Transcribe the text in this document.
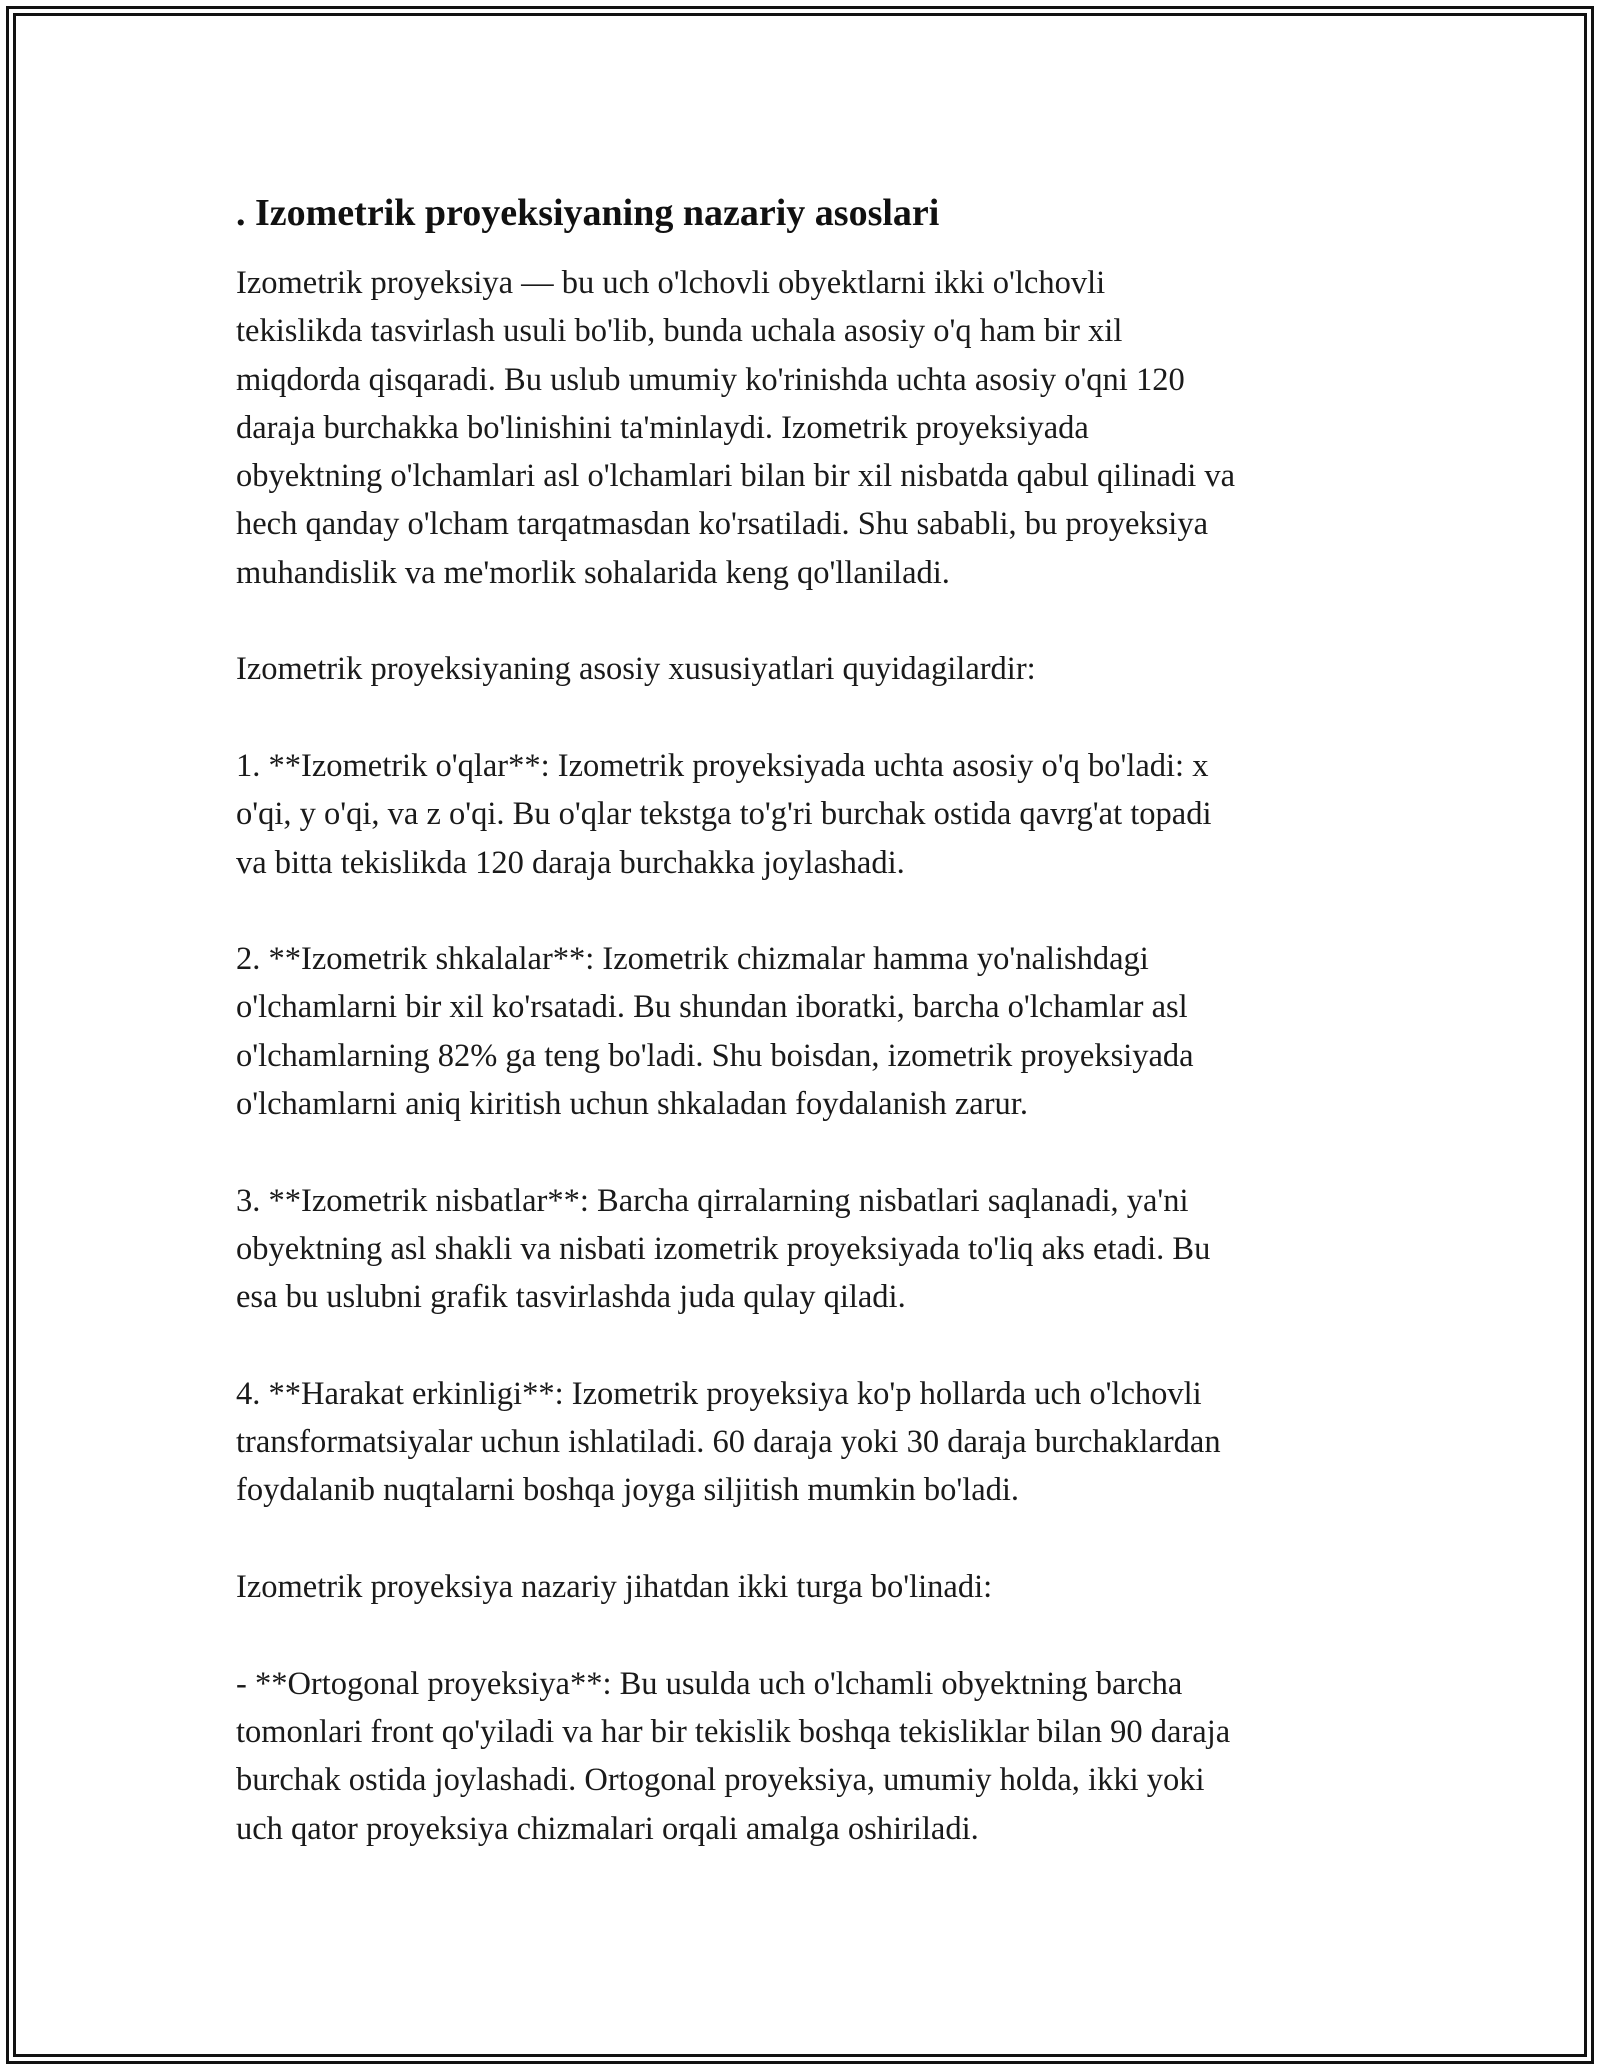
. Izometrik proyeksiyaning nazariy asoslari

Izometrik proyeksiya — bu uch o'lchovli obyektlarni ikki o'lchovli
tekislikda tasvirlash usuli bo'lib, bunda uchala asosiy o'q ham bir xil
miqdorda qisqaradi. Bu uslub umumiy ko'rinishda uchta asosiy o'qni 120
daraja burchakka bo'linishini ta'minlaydi. Izometrik proyeksiyada
obyektning o'lchamlari asl o'lchamlari bilan bir xil nisbatda qabul qilinadi va
hech qanday o'lcham tarqatmasdan ko'rsatiladi. Shu sababli, bu proyeksiya
muhandislik va me'morlik sohalarida keng qo'llaniladi.

Izometrik proyeksiyaning asosiy xususiyatlari quyidagilardir:

1. **Izometrik o'qlar**: Izometrik proyeksiyada uchta asosiy o'q bo'ladi: x
o'qi, y o'qi, va z o'qi. Bu o'qlar tekstga to'g'ri burchak ostida qavrg'at topadi
va bitta tekislikda 120 daraja burchakka joylashadi.

2. **Izometrik shkalalar**: Izometrik chizmalar hamma yo'nalishdagi
o'lchamlarni bir xil ko'rsatadi. Bu shundan iboratki, barcha o'lchamlar asl
o'lchamlarning 82% ga teng bo'ladi. Shu boisdan, izometrik proyeksiyada
o'lchamlarni aniq kiritish uchun shkaladan foydalanish zarur.

3. **Izometrik nisbatlar**: Barcha qirralarning nisbatlari saqlanadi, ya'ni
obyektning asl shakli va nisbati izometrik proyeksiyada to'liq aks etadi. Bu
esa bu uslubni grafik tasvirlashda juda qulay qiladi.

4. **Harakat erkinligi**: Izometrik proyeksiya ko'p hollarda uch o'lchovli
transformatsiyalar uchun ishlatiladi. 60 daraja yoki 30 daraja burchaklardan
foydalanib nuqtalarni boshqa joyga siljitish mumkin bo'ladi.

Izometrik proyeksiya nazariy jihatdan ikki turga bo'linadi:

- **Ortogonal proyeksiya**: Bu usulda uch o'lchamli obyektning barcha
tomonlari front qo'yiladi va har bir tekislik boshqa tekisliklar bilan 90 daraja
burchak ostida joylashadi. Ortogonal proyeksiya, umumiy holda, ikki yoki
uch qator proyeksiya chizmalari orqali amalga oshiriladi.
